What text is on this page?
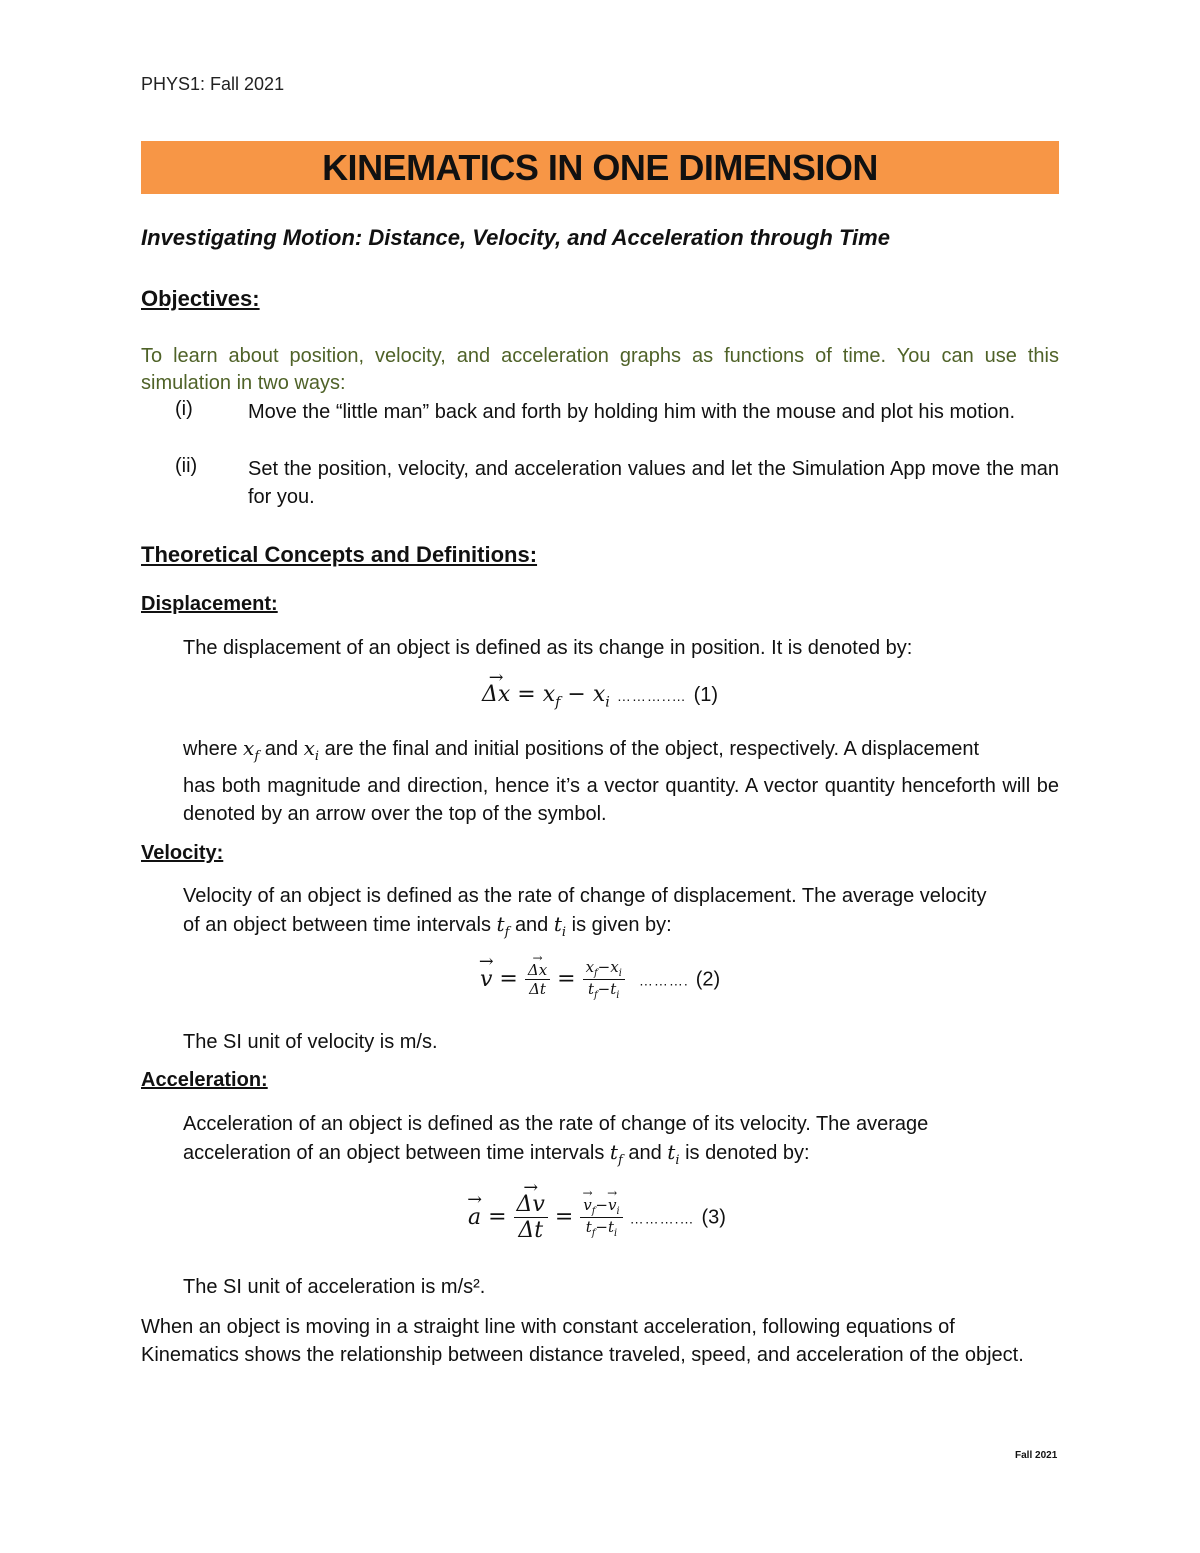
PHYS1: Fall 2021
KINEMATICS IN ONE DIMENSION
Investigating Motion: Distance, Velocity, and Acceleration through Time
Objectives:
To learn about position, velocity, and acceleration graphs as functions of time. You can use this simulation in two ways:
(i)	Move the “little man” back and forth by holding him with the mouse and plot his motion.
(ii)	Set the position, velocity, and acceleration values and let the Simulation App move the man for you.
Theoretical Concepts and Definitions:
Displacement:
The displacement of an object is defined as its change in position. It is denoted by:
→ $\Delta x = x_f - x_i$ ………..… (1)
where $x_f$ and $x_i$ are the final and initial positions of the object, respectively. A displacement
has both magnitude and direction, hence it’s a vector quantity. A vector quantity henceforth will be denoted by an arrow over the top of the symbol.
Velocity:
Velocity of an object is defined as the rate of change of displacement. The average velocity
of an object between time intervals $t_f$ and $t_i$ is given by:
→ v = → $\frac{\Delta x}{\Delta t} = \frac{x_f-x_i}{t_f-t_i}$ ………. (2)
The SI unit of velocity is m/s.
Acceleration:
Acceleration of an object is defined as the rate of change of its velocity. The average
acceleration of an object between time intervals $t_f$ and $t_i$ is denoted by:
→ a = → $\frac{\Delta v}{\Delta t}$ = → $\frac{v_f-\to v_i}{t_f-t_i}$ ……….… (3)
The SI unit of acceleration is m/s².
When an object is moving in a straight line with constant acceleration, following equations of Kinematics shows the relationship between distance traveled, speed, and acceleration of the object.
Fall 2021
